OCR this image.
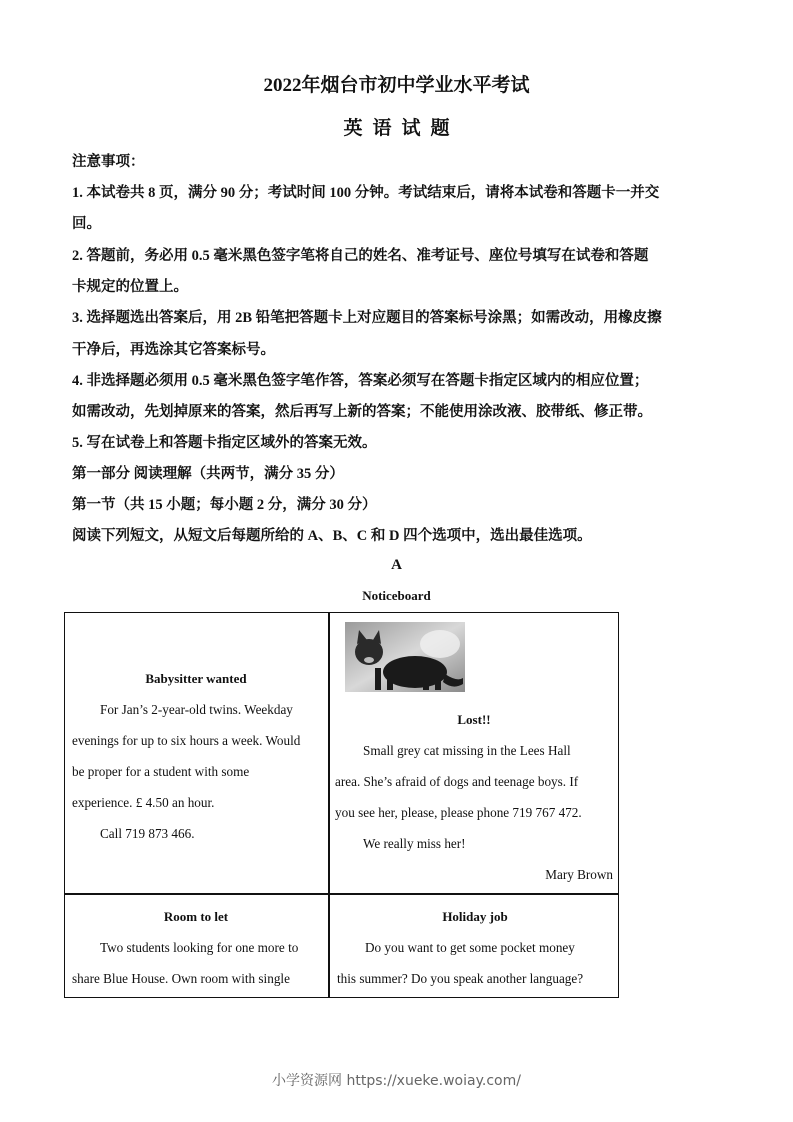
2022年烟台市初中学业水平考试
英语试题
注意事项：
1. 本试卷共 8 页，满分 90 分；考试时间 100 分钟。考试结束后，请将本试卷和答题卡一并交
回。
2. 答题前，务必用 0.5 毫米黑色签字笔将自己的姓名、准考证号、座位号填写在试卷和答题
卡规定的位置上。
3. 选择题选出答案后，用 2B 铅笔把答题卡上对应题目的答案标号涂黑；如需改动，用橡皮擦
干净后，再选涂其它答案标号。
4. 非选择题必须用 0.5 毫米黑色签字笔作答，答案必须写在答题卡指定区域内的相应位置；
如需改动，先划掉原来的答案，然后再写上新的答案；不能使用涂改液、胶带纸、修正带。
5. 写在试卷上和答题卡指定区域外的答案无效。
第一部分 阅读理解（共两节，满分 35 分）
第一节（共 15 小题；每小题 2 分，满分 30 分）
阅读下列短文，从短文后每题所给的 A、B、C 和 D 四个选项中，选出最佳选项。
A
Noticeboard
Babysitter wanted

For Jan’s 2-year-old twins. Weekday

evenings for up to six hours a week. Would

be proper for a student with some

experience. £ 4.50 an hour.

Call 719 873 466.

Lost!!

Small grey cat missing in the Lees Hall

area. She’s afraid of dogs and teenage boys. If

you see her, please, please phone 719 767 472.

We really miss her!

Mary Brown

Room to let

Two students looking for one more to

share Blue House. Own room with single

Holiday job

Do you want to get some pocket money

this summer? Do you speak another language?

小学资源网 https://xueke.woiay.com/
